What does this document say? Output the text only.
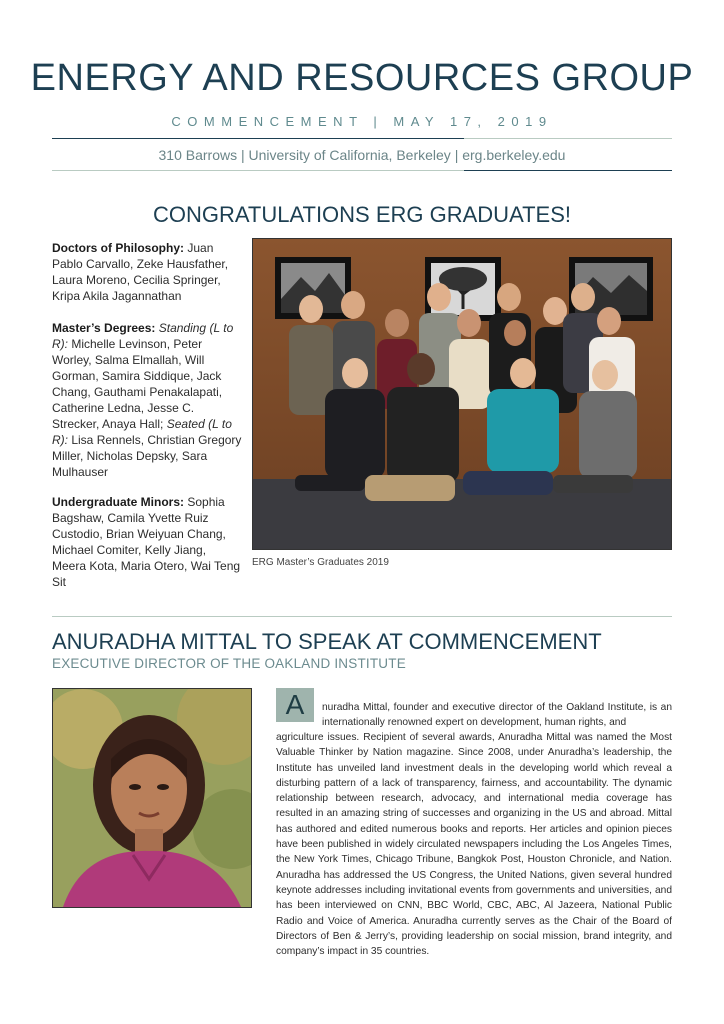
ENERGY AND RESOURCES GROUP
COMMENCEMENT | MAY 17, 2019
310 Barrows | University of California, Berkeley | erg.berkeley.edu
CONGRATULATIONS ERG GRADUATES!
Doctors of Philosophy: Juan Pablo Carvallo, Zeke Hausfather, Laura Moreno, Cecilia Springer, Kripa Akila Jagannathan
Master’s Degrees: Standing (L to R): Michelle Levinson, Peter Worley, Salma Elmallah, Will Gorman, Samira Siddique, Jack Chang, Gauthami Penakalapati, Catherine Ledna, Jesse C. Strecker, Anaya Hall; Seated (L to R): Lisa Rennels, Christian Gregory Miller, Nicholas Depsky, Sara Mulhauser
Undergraduate Minors: Sophia Bagshaw, Camila Yvette Ruiz Custodio, Brian Weiyuan Chang, Michael Comiter, Kelly Jiang, Meera Kota, Maria Otero, Wai Teng Sit
ERG Master’s Graduates 2019
ANURADHA MITTAL TO SPEAK AT COMMENCEMENT
EXECUTIVE DIRECTOR OF THE OAKLAND INSTITUTE
A	nuradha Mittal, founder and executive director of the Oakland Institute, is an internationally renowned expert on development, human rights, and
agriculture issues. Recipient of several awards, Anuradha Mittal was named the Most Valuable Thinker by Nation magazine. Since 2008, under Anuradha’s leadership, the Institute has unveiled land investment deals in the developing world which reveal a disturbing pattern of a lack of transparency, fairness, and accountability. The dynamic relationship between research, advocacy, and international media coverage has resulted in an amazing string of successes and organizing in the US and abroad. Mittal has authored and edited numerous books and reports. Her articles and opinion pieces have been published in widely circulated newspapers including the Los Angeles Times, the New York Times, Chicago Tribune, Bangkok Post, Houston Chronicle, and Nation. Anuradha has addressed the US Congress, the United Nations, given several hundred keynote addresses including invitational events from governments and universities, and has been interviewed on CNN, BBC World, CBC, ABC, Al Jazeera, National Public Radio and Voice of America. Anuradha currently serves as the Chair of the Board of Directors of Ben & Jerry’s, providing leadership on social mission, brand integrity, and company’s impact in 35 countries.
